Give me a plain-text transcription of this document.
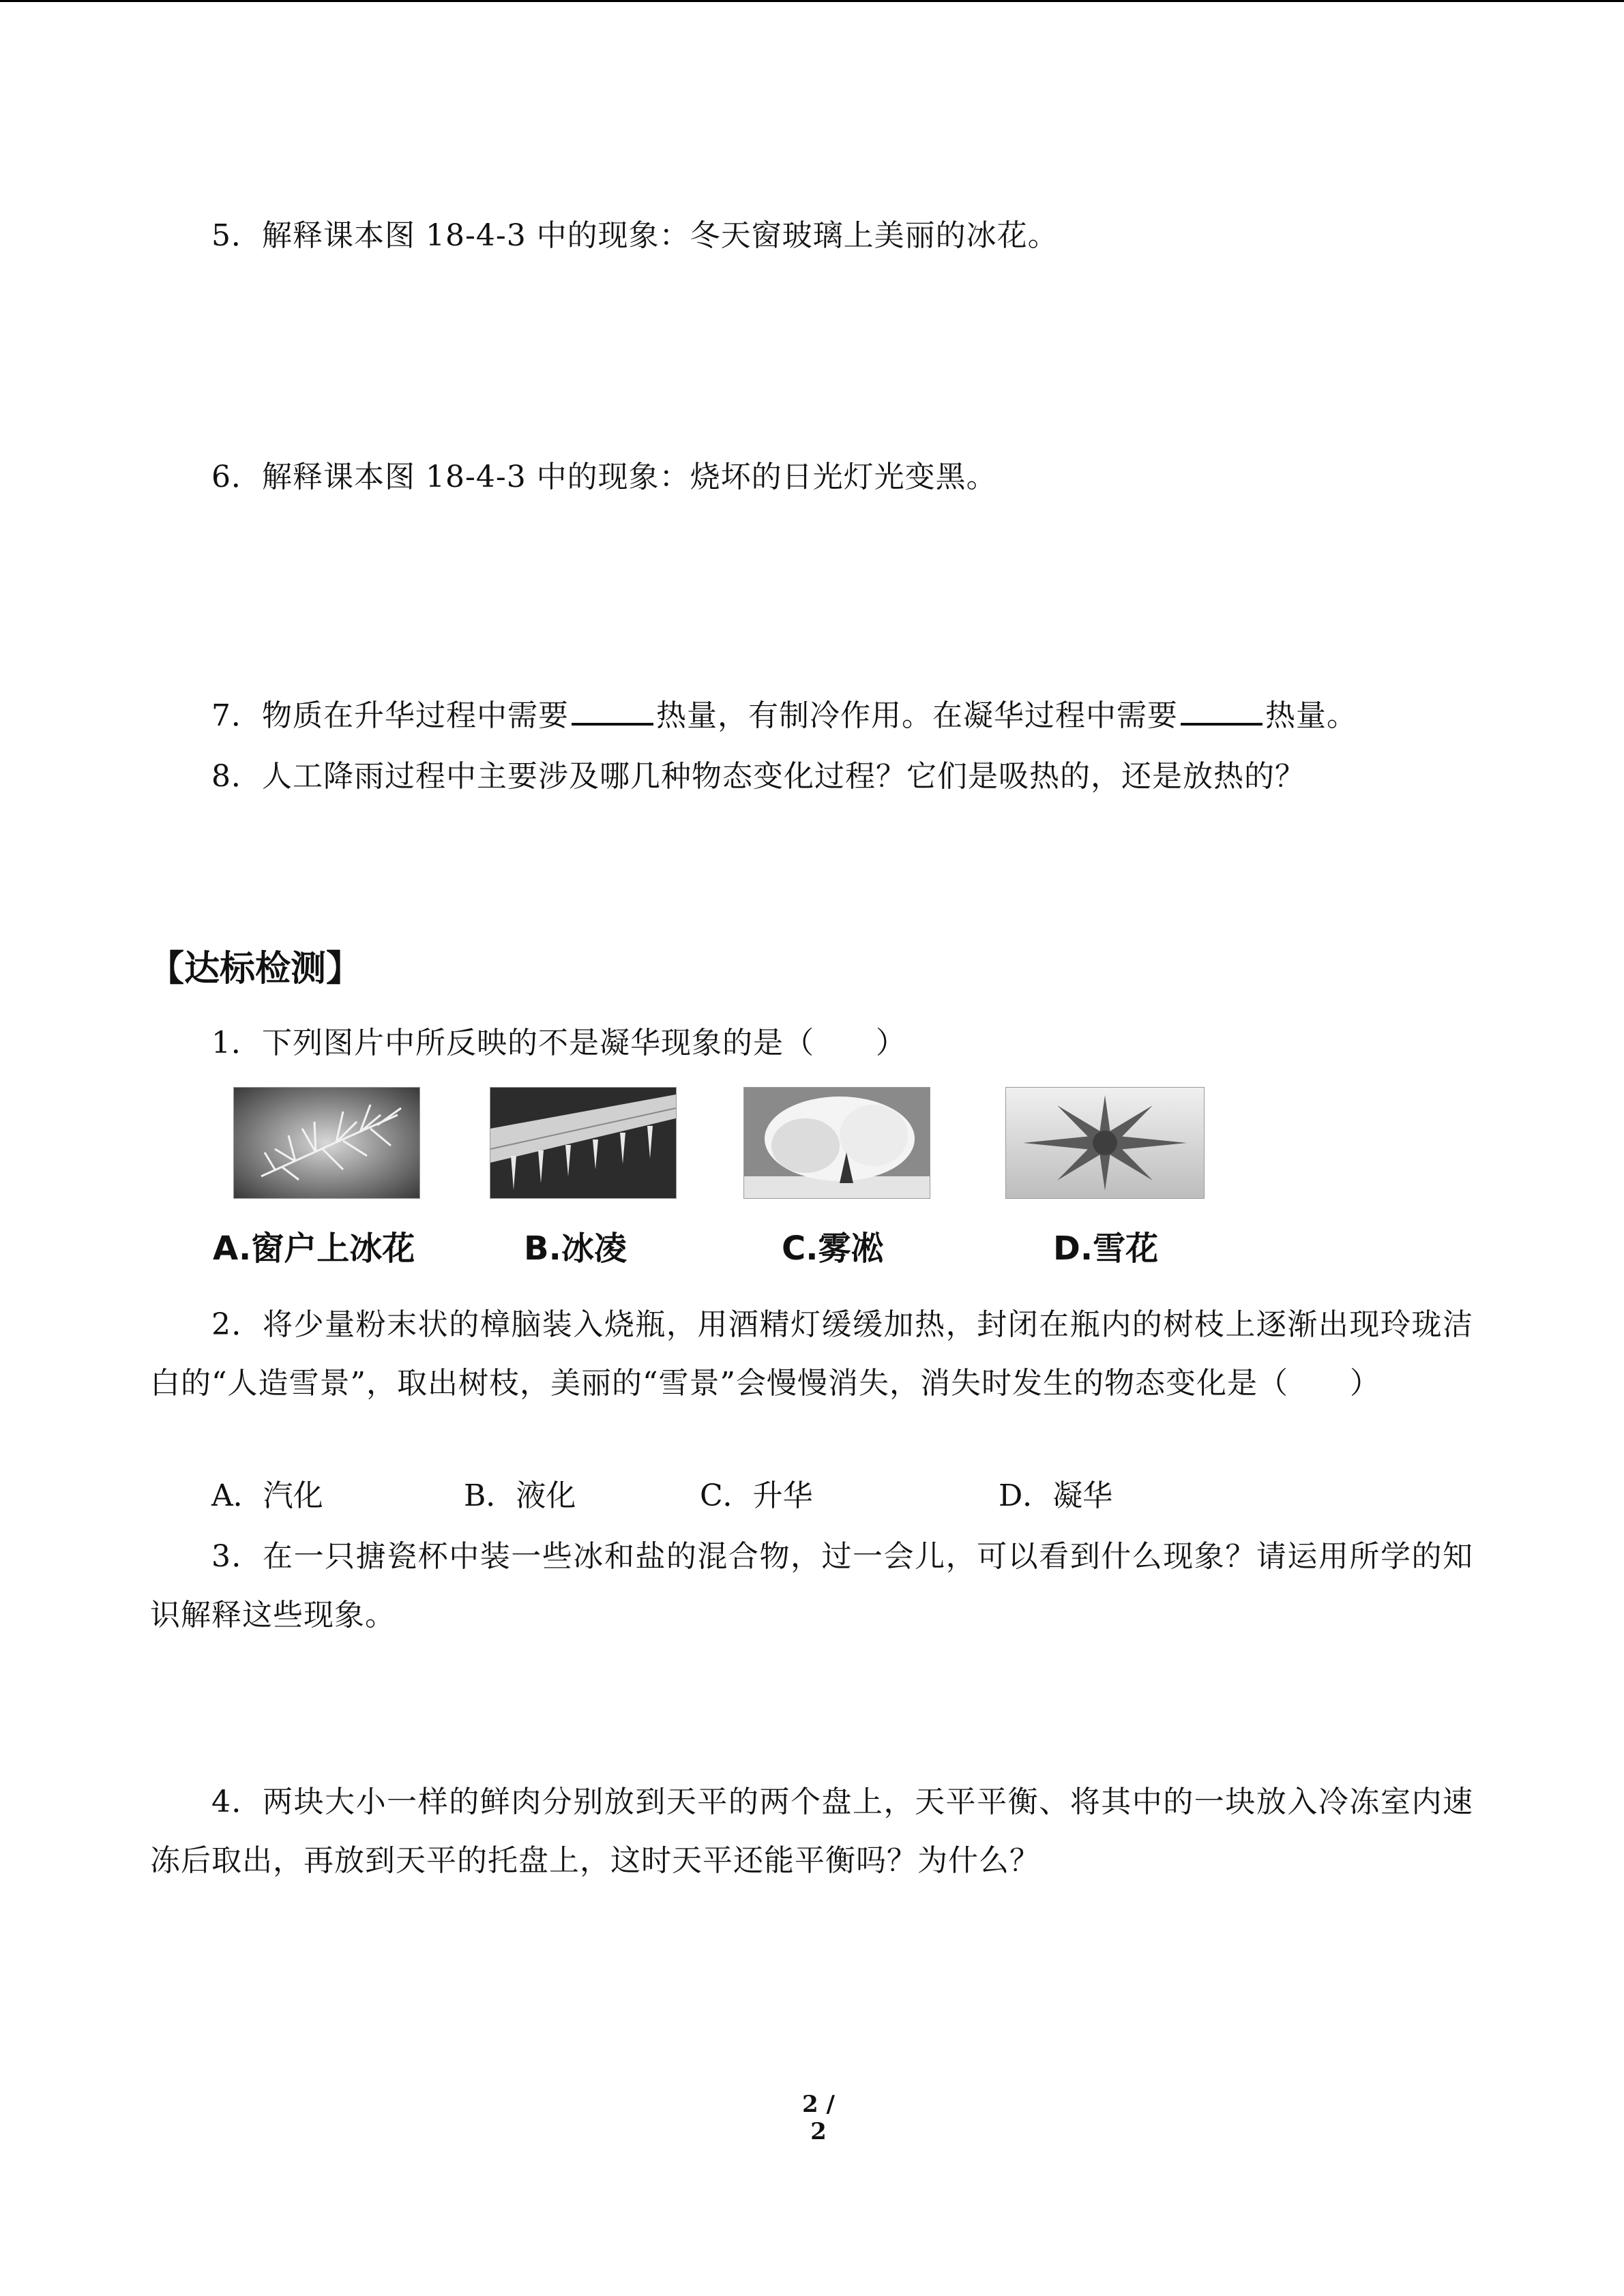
5．解释课本图 18-4-3 中的现象：冬天窗玻璃上美丽的冰花。
6．解释课本图 18-4-3 中的现象：烧坏的日光灯光变黑。
7．物质在升华过程中需要	热量，有制冷作用。在凝华过程中需要	热量。
8．人工降雨过程中主要涉及哪几种物态变化过程？它们是吸热的，还是放热的？
【达标检测】
1．下列图片中所反映的不是凝华现象的是（　　）
A.窗户上冰花	B.冰凌	C.雾凇	D.雪花
2．将少量粉末状的樟脑装入烧瓶，用酒精灯缓缓加热，封闭在瓶内的树枝上逐渐出现玲珑洁白的“人造雪景”，取出树枝，美丽的“雪景”会慢慢消失，消失时发生的物态变化是（　　）
A．汽化	B．液化	C．升华	D．凝华
3．在一只搪瓷杯中装一些冰和盐的混合物，过一会儿，可以看到什么现象？请运用所学的知识解释这些现象。
4．两块大小一样的鲜肉分别放到天平的两个盘上，天平平衡、将其中的一块放入冷冻室内速冻后取出，再放到天平的托盘上，这时天平还能平衡吗？为什么？
2 / 2
